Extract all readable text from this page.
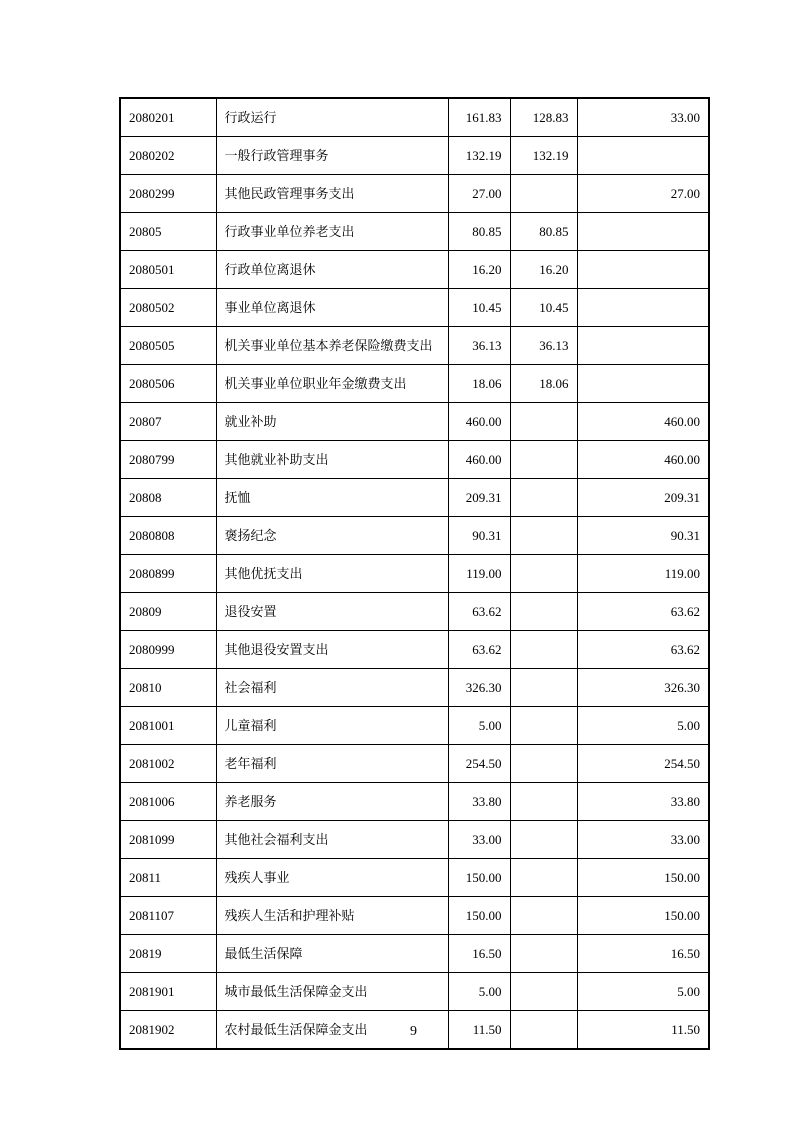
2080201	行政运行	161.83	128.83	33.00
2080202	一般行政管理事务	132.19	132.19	
2080299	其他民政管理事务支出	27.00		27.00
20805	行政事业单位养老支出	80.85	80.85	
2080501	行政单位离退休	16.20	16.20	
2080502	事业单位离退休	10.45	10.45	
2080505	机关事业单位基本养老保险缴费支出	36.13	36.13	
2080506	机关事业单位职业年金缴费支出	18.06	18.06	
20807	就业补助	460.00		460.00
2080799	其他就业补助支出	460.00		460.00
20808	抚恤	209.31		209.31
2080808	褒扬纪念	90.31		90.31
2080899	其他优抚支出	119.00		119.00
20809	退役安置	63.62		63.62
2080999	其他退役安置支出	63.62		63.62
20810	社会福利	326.30		326.30
2081001	儿童福利	5.00		5.00
2081002	老年福利	254.50		254.50
2081006	养老服务	33.80		33.80
2081099	其他社会福利支出	33.00		33.00
20811	残疾人事业	150.00		150.00
2081107	残疾人生活和护理补贴	150.00		150.00
20819	最低生活保障	16.50		16.50
2081901	城市最低生活保障金支出	5.00		5.00
2081902	农村最低生活保障金支出	11.50		11.50
9
